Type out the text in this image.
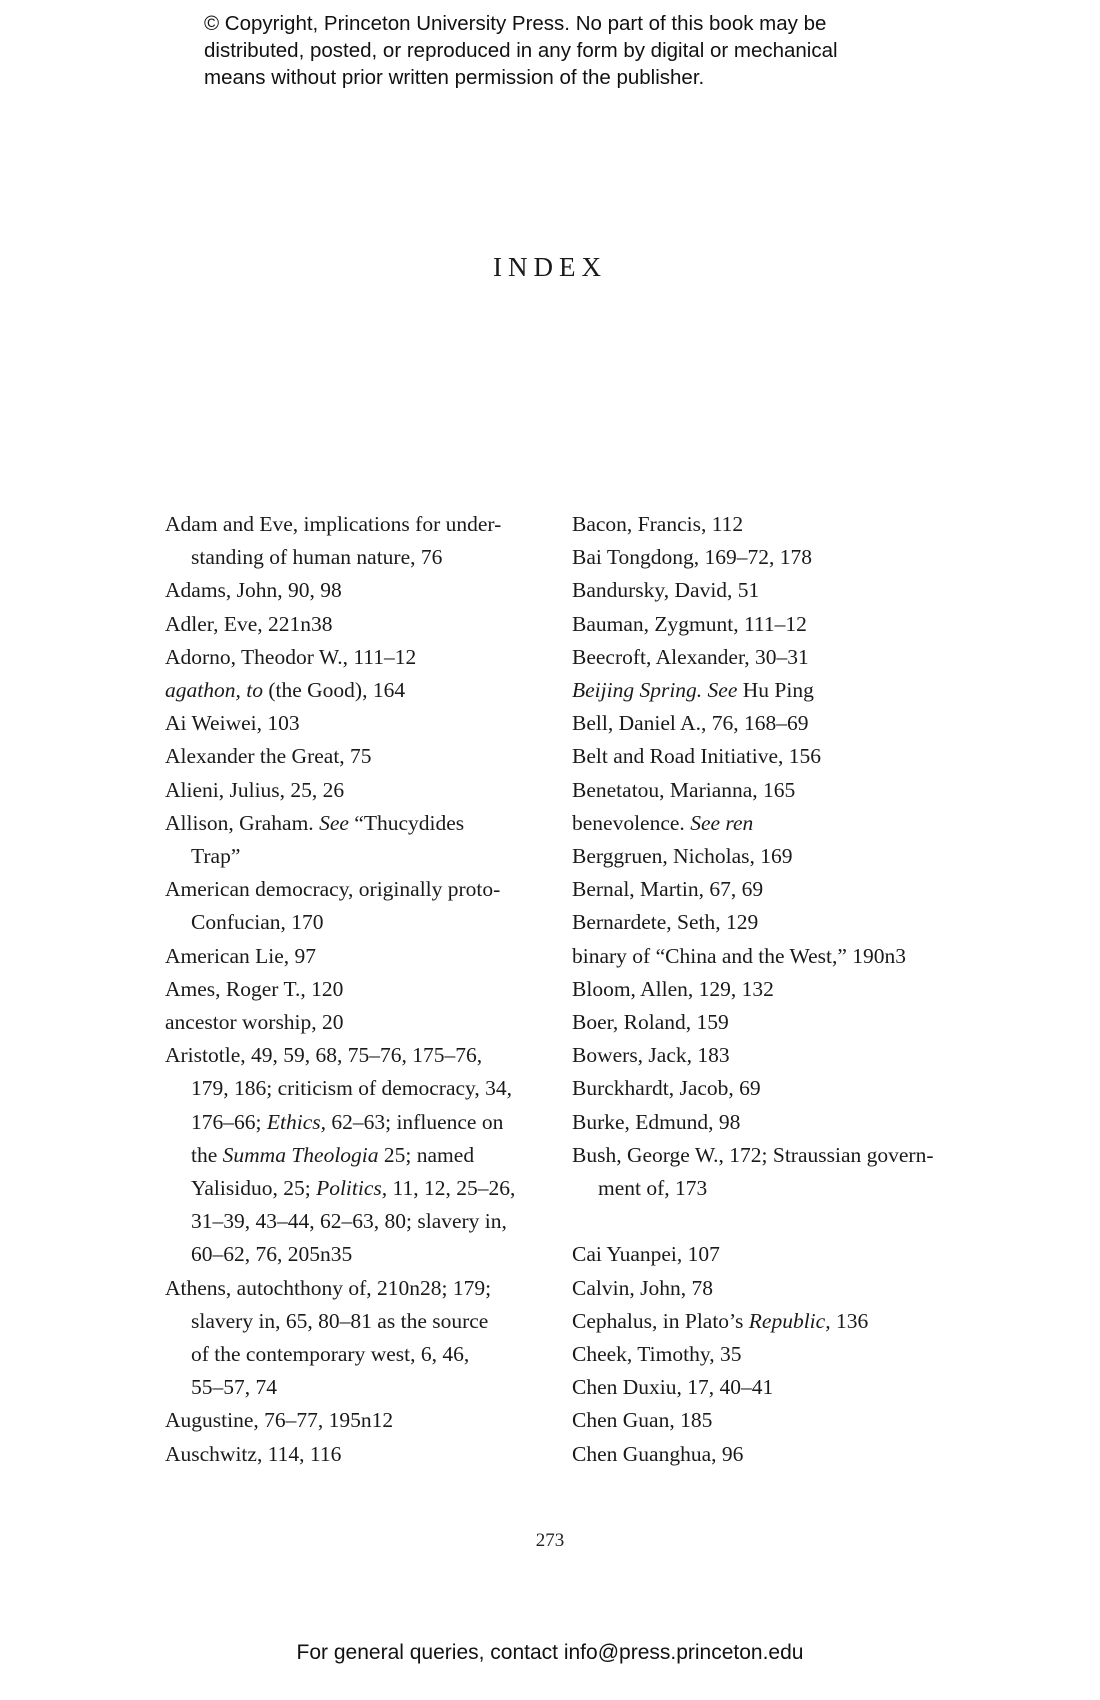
© Copyright, Princeton University Press. No part of this book may be
distributed, posted, or reproduced in any form by digital or mechanical
means without prior written permission of the publisher.
INDEX
Adam and Eve, implications for under-
standing of human nature, 76
Adams, John, 90, 98
Adler, Eve, 221n38
Adorno, Theodor W., 111–12
agathon, to (the Good), 164
Ai Weiwei, 103
Alexander the Great, 75
Alieni, Julius, 25, 26
Allison, Graham. See “Thucydides
Trap”
American democracy, originally proto-
Confucian, 170
American Lie, 97
Ames, Roger T., 120
ancestor worship, 20
Aristotle, 49, 59, 68, 75–76, 175–76,
179, 186; criticism of democracy, 34,
176–66; Ethics, 62–63; influence on
the Summa Theologia 25; named
Yalisiduo, 25; Politics, 11, 12, 25–26,
31–39, 43–44, 62–63, 80; slavery in,
60–62, 76, 205n35
Athens, autochthony of, 210n28; 179;
slavery in, 65, 80–81 as the source
of the contemporary west, 6, 46,
55–57, 74
Augustine, 76–77, 195n12
Auschwitz, 114, 116
Bacon, Francis, 112
Bai Tongdong, 169–72, 178
Bandursky, David, 51
Bauman, Zygmunt, 111–12
Beecroft, Alexander, 30–31
Beijing Spring. See Hu Ping
Bell, Daniel A., 76, 168–69
Belt and Road Initiative, 156
Benetatou, Marianna, 165
benevolence. See ren
Berggruen, Nicholas, 169
Bernal, Martin, 67, 69
Bernardete, Seth, 129
binary of “China and the West,” 190n3
Bloom, Allen, 129, 132
Boer, Roland, 159
Bowers, Jack, 183
Burckhardt, Jacob, 69
Burke, Edmund, 98
Bush, George W., 172; Straussian govern-
ment of, 173
Cai Yuanpei, 107
Calvin, John, 78
Cephalus, in Plato’s Republic, 136
Cheek, Timothy, 35
Chen Duxiu, 17, 40–41
Chen Guan, 185
Chen Guanghua, 96
273
For general queries, contact info@press.princeton.edu
